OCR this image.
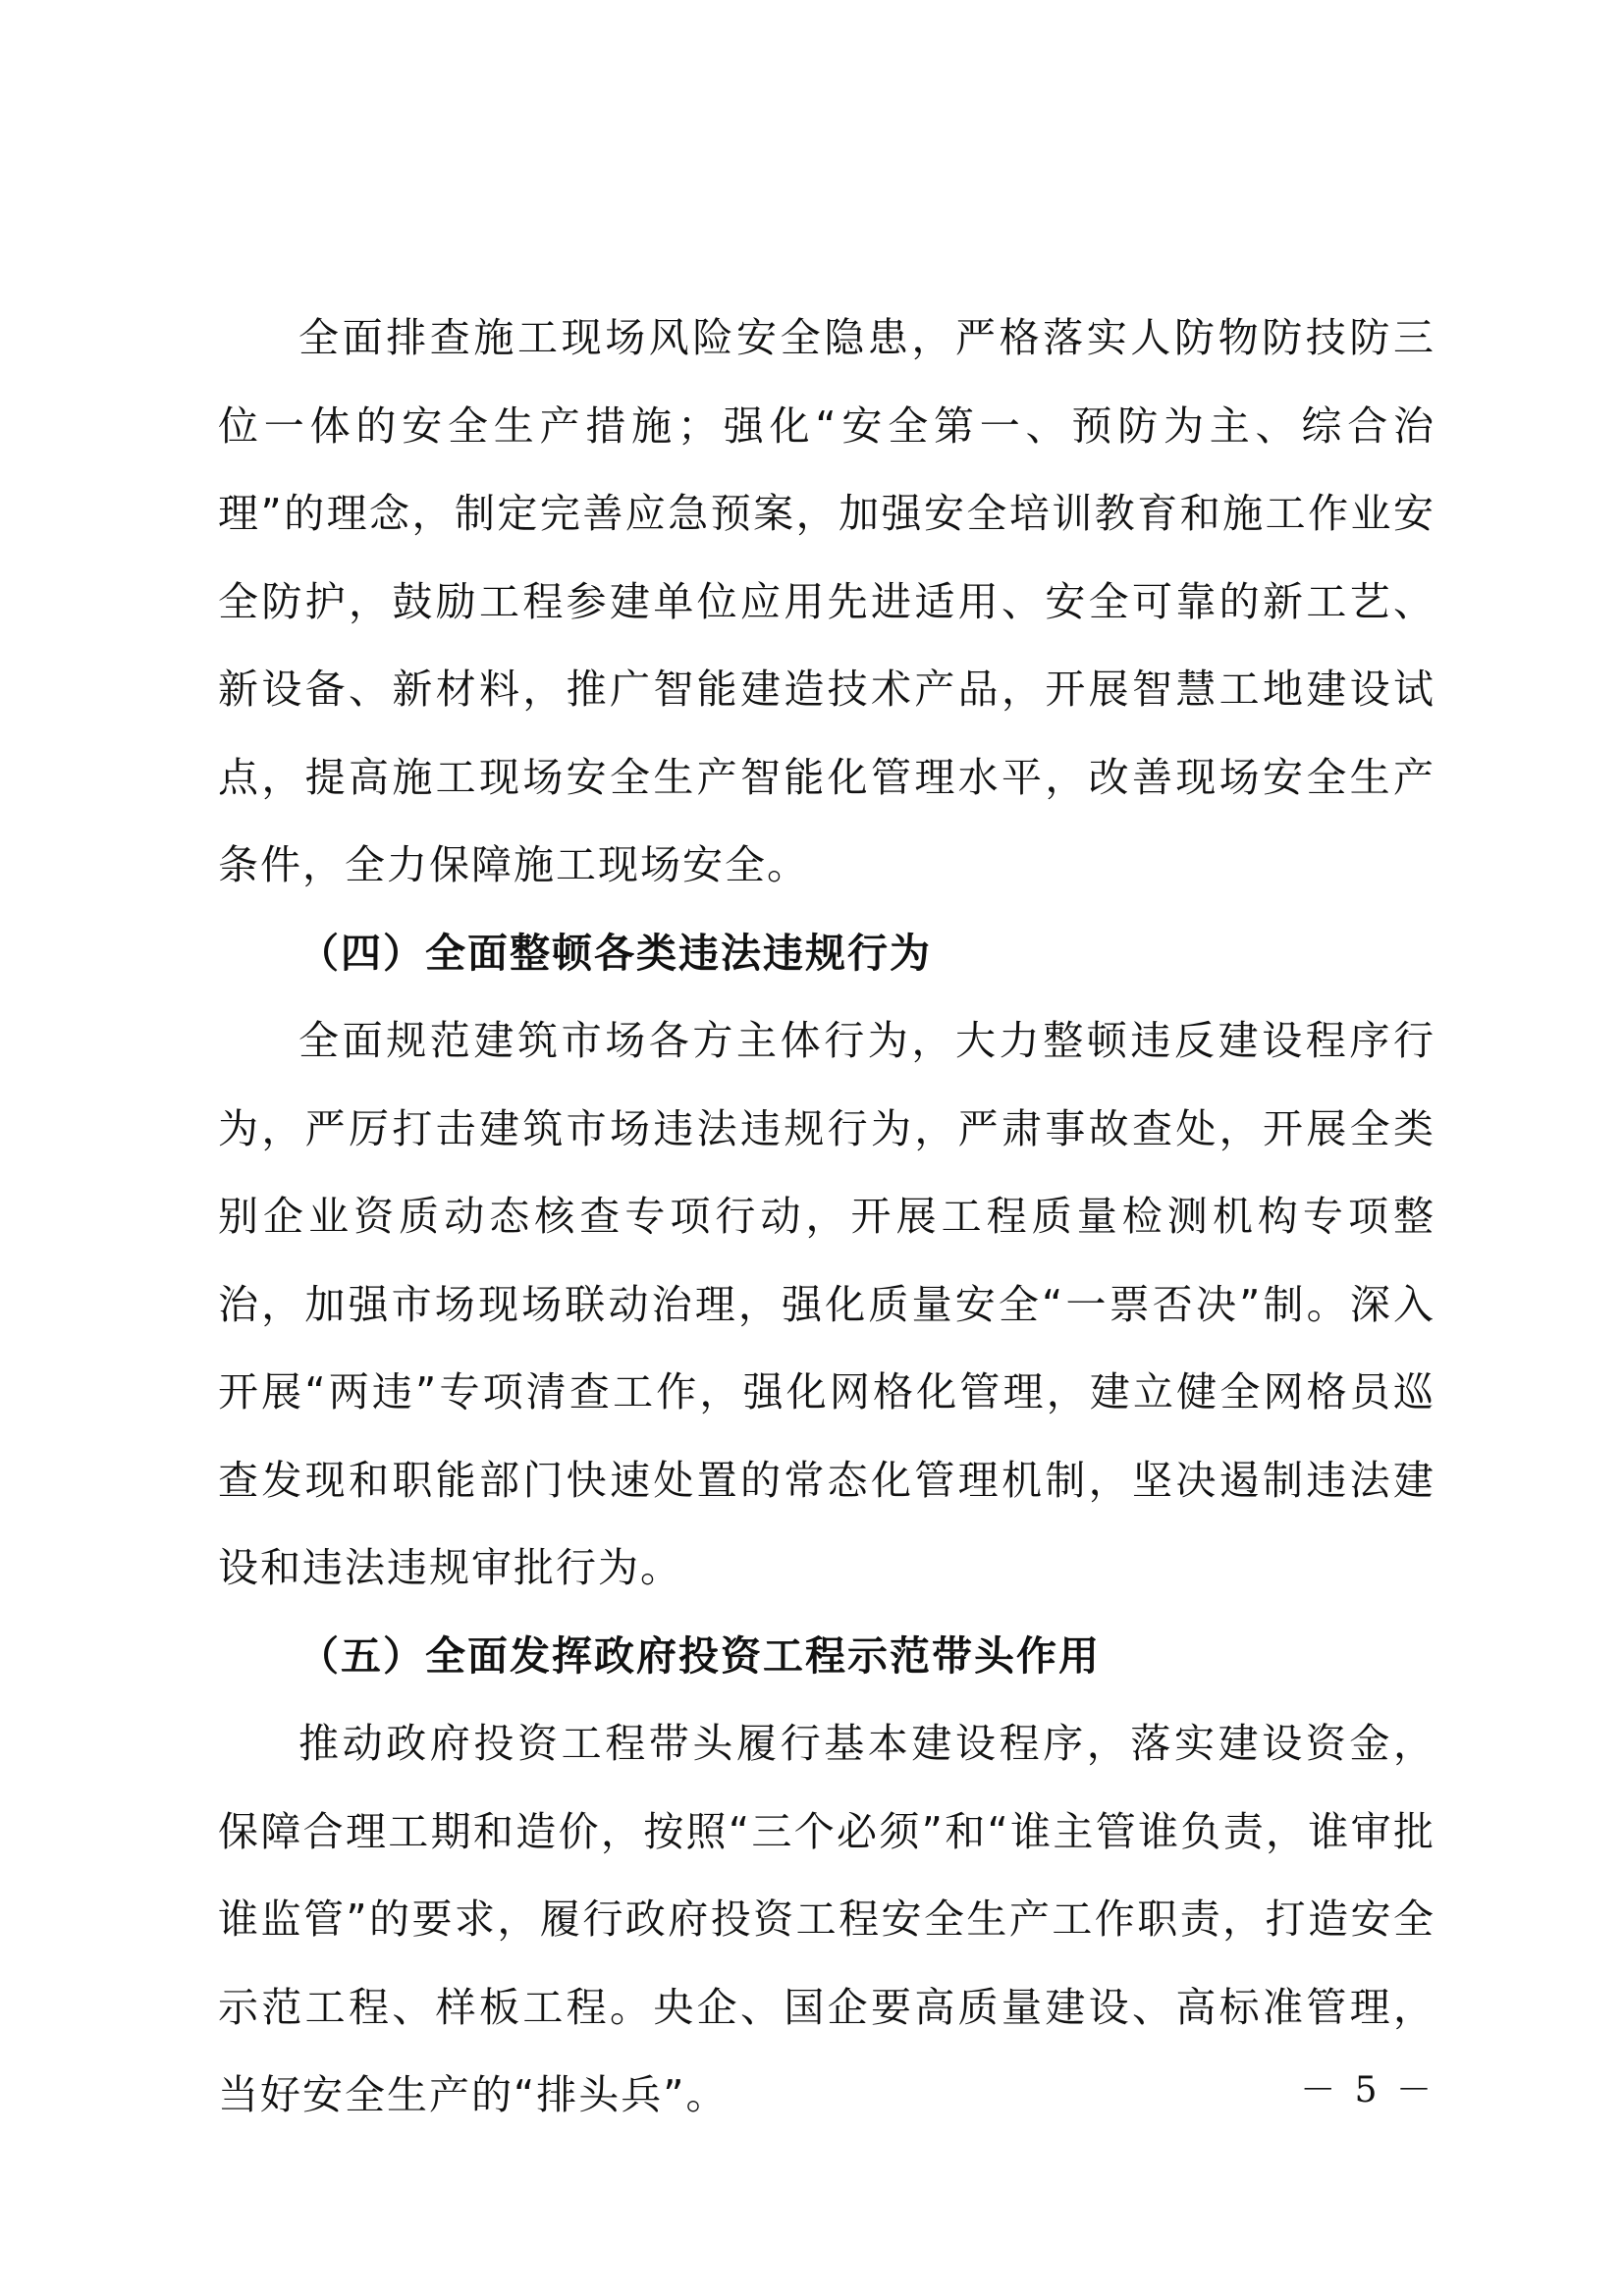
全面排查施工现场风险安全隐患，严格落实人防物防技防三位一体的安全生产措施；强化“安全第一、预防为主、综合治理”的理念，制定完善应急预案，加强安全培训教育和施工作业安全防护，鼓励工程参建单位应用先进适用、安全可靠的新工艺、新设备、新材料，推广智能建造技术产品，开展智慧工地建设试点，提高施工现场安全生产智能化管理水平，改善现场安全生产条件，全力保障施工现场安全。

（四）全面整顿各类违法违规行为

全面规范建筑市场各方主体行为，大力整顿违反建设程序行为，严厉打击建筑市场违法违规行为，严肃事故查处，开展全类别企业资质动态核查专项行动，开展工程质量检测机构专项整治，加强市场现场联动治理，强化质量安全“一票否决”制。深入开展“两违”专项清查工作，强化网格化管理，建立健全网格员巡查发现和职能部门快速处置的常态化管理机制，坚决遏制违法建设和违法违规审批行为。

（五）全面发挥政府投资工程示范带头作用

推动政府投资工程带头履行基本建设程序，落实建设资金，保障合理工期和造价，按照“三个必须”和“谁主管谁负责，谁审批谁监管”的要求，履行政府投资工程安全生产工作职责，打造安全示范工程、样板工程。央企、国企要高质量建设、高标准管理，当好安全生产的“排头兵”。	－ 5 －
